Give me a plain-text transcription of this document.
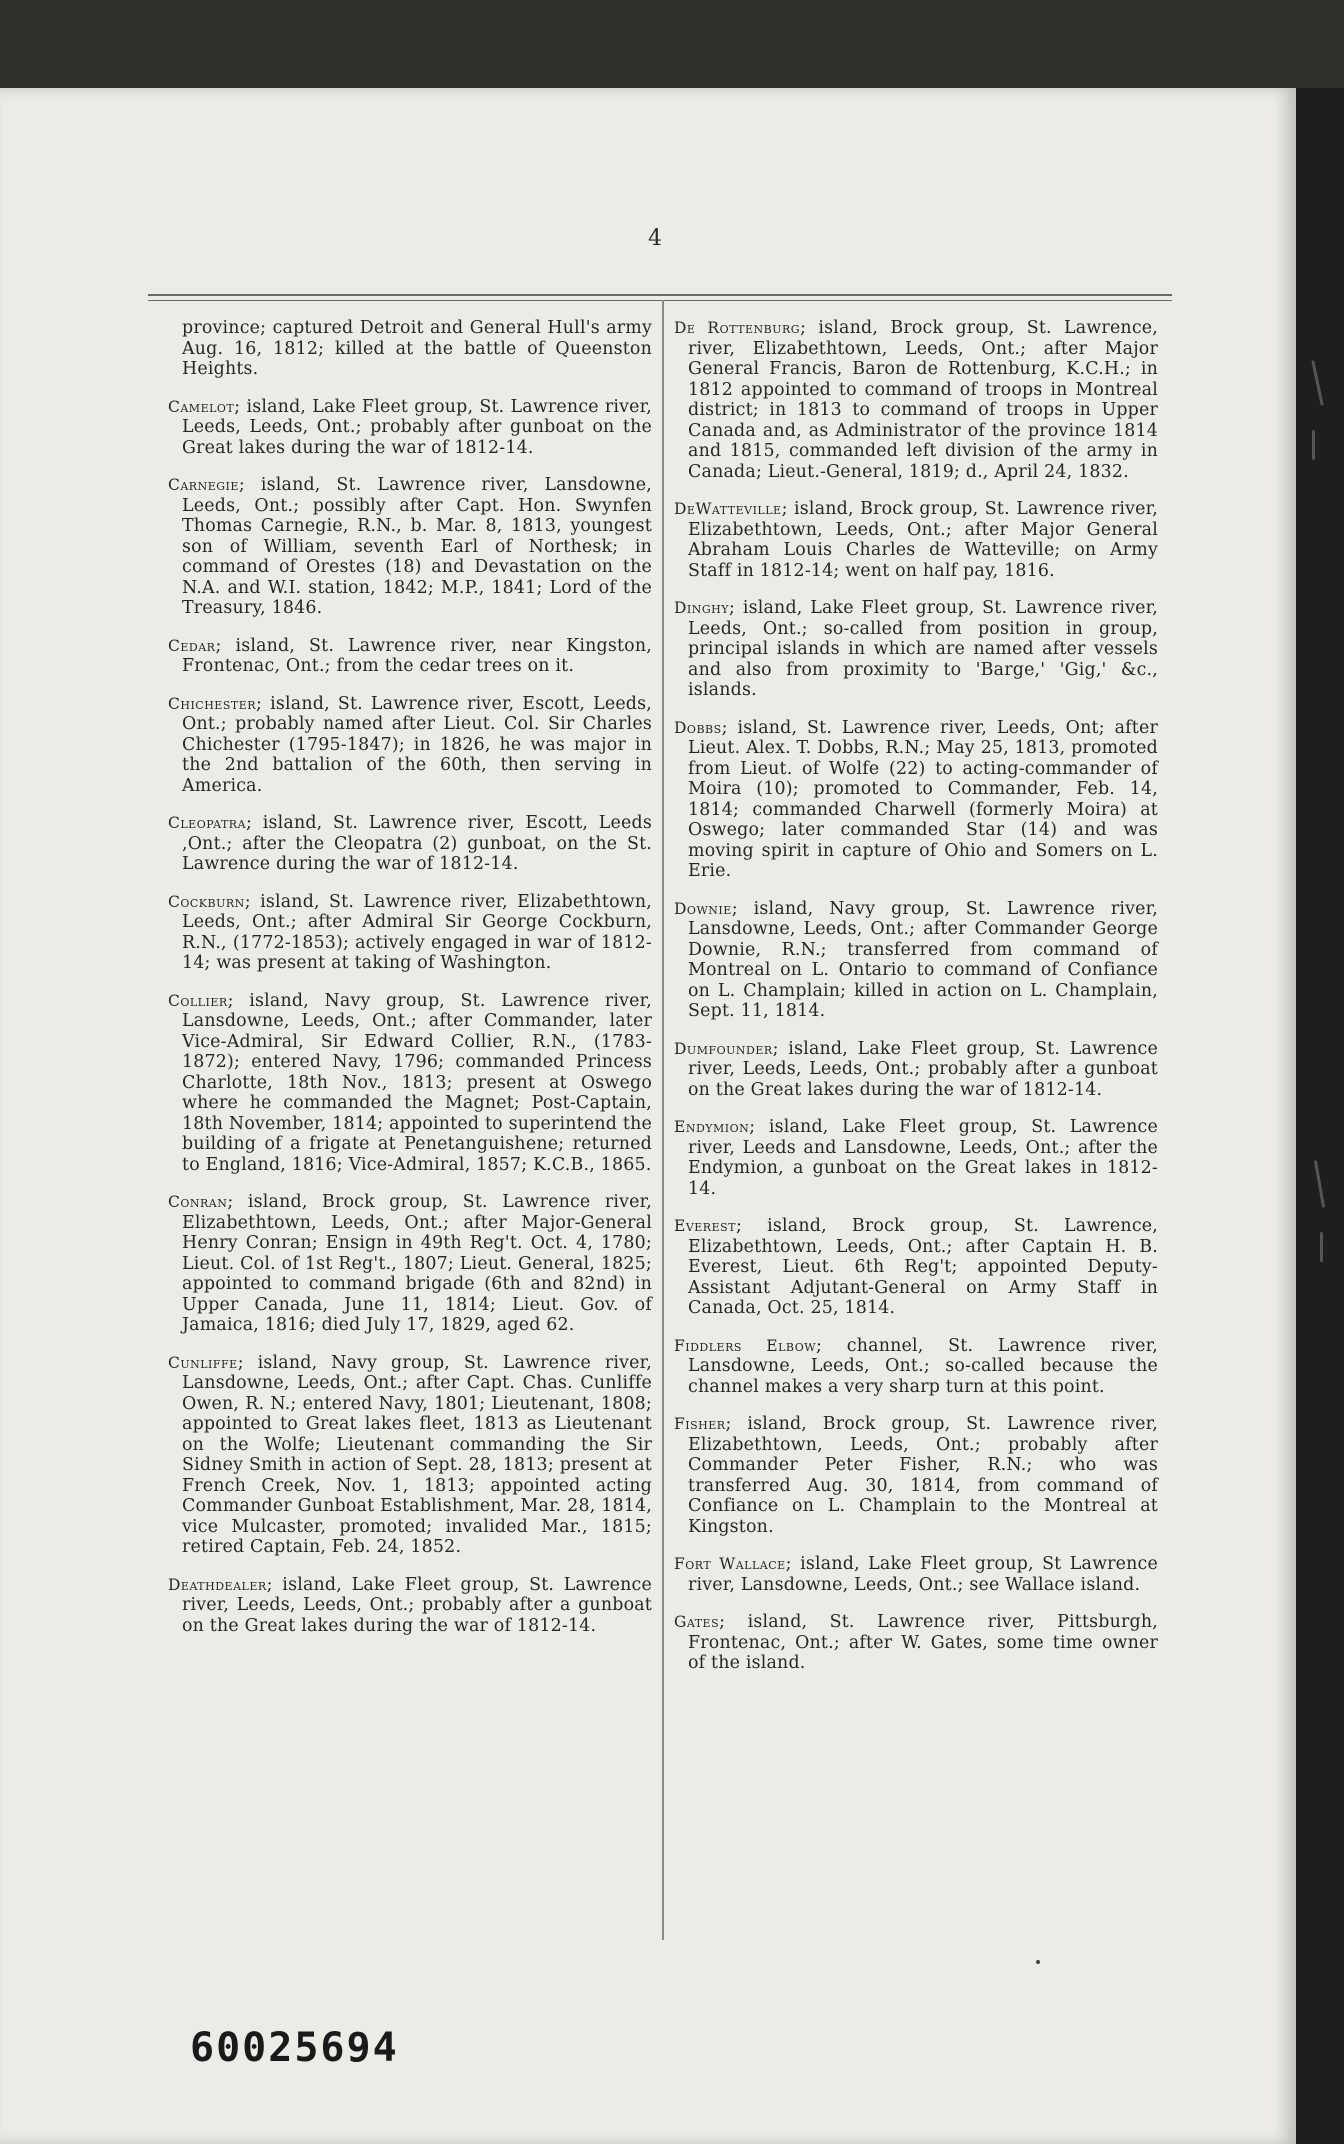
4

province; captured Detroit and General Hull's army Aug. 16, 1812; killed at the battle of Queenston Heights.

Camelot; island, Lake Fleet group, St. Lawrence river, Leeds, Leeds, Ont.; probably after gunboat on the Great lakes during the war of 1812-14.

Carnegie; island, St. Lawrence river, Lansdowne, Leeds, Ont.; possibly after Capt. Hon. Swynfen Thomas Carnegie, R.N., b. Mar. 8, 1813, youngest son of William, seventh Earl of Northesk; in command of Orestes (18) and Devastation on the N.A. and W.I. station, 1842; M.P., 1841; Lord of the Treasury, 1846.

Cedar; island, St. Lawrence river, near Kingston, Frontenac, Ont.; from the cedar trees on it.

Chichester; island, St. Lawrence river, Escott, Leeds, Ont.; probably named after Lieut. Col. Sir Charles Chichester (1795-1847); in 1826, he was major in the 2nd battalion of the 60th, then serving in America.

Cleopatra; island, St. Lawrence river, Escott, Leeds ,Ont.; after the Cleopatra (2) gunboat, on the St. Lawrence during the war of 1812-14.

Cockburn; island, St. Lawrence river, Elizabethtown, Leeds, Ont.; after Admiral Sir George Cockburn, R.N., (1772-1853); actively engaged in war of 1812-14; was present at taking of Washington.

Collier; island, Navy group, St. Lawrence river, Lansdowne, Leeds, Ont.; after Commander, later Vice-Admiral, Sir Edward Collier, R.N., (1783-1872); entered Navy, 1796; commanded Princess Charlotte, 18th Nov., 1813; present at Oswego where he commanded the Magnet; Post-Captain, 18th November, 1814; appointed to superintend the building of a frigate at Penetanguishene; returned to England, 1816; Vice-Admiral, 1857; K.C.B., 1865.

Conran; island, Brock group, St. Lawrence river, Elizabethtown, Leeds, Ont.; after Major-General Henry Conran; Ensign in 49th Reg't. Oct. 4, 1780; Lieut. Col. of 1st Reg't., 1807; Lieut. General, 1825; appointed to command brigade (6th and 82nd) in Upper Canada, June 11, 1814; Lieut. Gov. of Jamaica, 1816; died July 17, 1829, aged 62.

Cunliffe; island, Navy group, St. Lawrence river, Lansdowne, Leeds, Ont.; after Capt. Chas. Cunliffe Owen, R. N.; entered Navy, 1801; Lieutenant, 1808; appointed to Great lakes fleet, 1813 as Lieutenant on the Wolfe; Lieutenant commanding the Sir Sidney Smith in action of Sept. 28, 1813; present at French Creek, Nov. 1, 1813; appointed acting Commander Gunboat Establishment, Mar. 28, 1814, vice Mulcaster, promoted; invalided Mar., 1815; retired Captain, Feb. 24, 1852.

Deathdealer; island, Lake Fleet group, St. Lawrence river, Leeds, Leeds, Ont.; probably after a gunboat on the Great lakes during the war of 1812-14.

De Rottenburg; island, Brock group, St. Lawrence, river, Elizabethtown, Leeds, Ont.; after Major General Francis, Baron de Rottenburg, K.C.H.; in 1812 appointed to command of troops in Montreal district; in 1813 to command of troops in Upper Canada and, as Administrator of the province 1814 and 1815, commanded left division of the army in Canada; Lieut.-General, 1819; d., April 24, 1832.

DeWatteville; island, Brock group, St. Lawrence river, Elizabethtown, Leeds, Ont.; after Major General Abraham Louis Charles de Watteville; on Army Staff in 1812-14; went on half pay, 1816.

Dinghy; island, Lake Fleet group, St. Lawrence river, Leeds, Ont.; so-called from position in group, principal islands in which are named after vessels and also from proximity to 'Barge,' 'Gig,' &c., islands.

Dobbs; island, St. Lawrence river, Leeds, Ont; after Lieut. Alex. T. Dobbs, R.N.; May 25, 1813, promoted from Lieut. of Wolfe (22) to acting-commander of Moira (10); promoted to Commander, Feb. 14, 1814; commanded Charwell (formerly Moira) at Oswego; later commanded Star (14) and was moving spirit in capture of Ohio and Somers on L. Erie.

Downie; island, Navy group, St. Lawrence river, Lansdowne, Leeds, Ont.; after Commander George Downie, R.N.; transferred from command of Montreal on L. Ontario to command of Confiance on L. Champlain; killed in action on L. Champlain, Sept. 11, 1814.

Dumfounder; island, Lake Fleet group, St. Lawrence river, Leeds, Leeds, Ont.; probably after a gunboat on the Great lakes during the war of 1812-14.

Endymion; island, Lake Fleet group, St. Lawrence river, Leeds and Lansdowne, Leeds, Ont.; after the Endymion, a gunboat on the Great lakes in 1812-14.

Everest; island, Brock group, St. Lawrence, Elizabethtown, Leeds, Ont.; after Captain H. B. Everest, Lieut. 6th Reg't; appointed Deputy-Assistant Adjutant-General on Army Staff in Canada, Oct. 25, 1814.

Fiddlers Elbow; channel, St. Lawrence river, Lansdowne, Leeds, Ont.; so-called because the channel makes a very sharp turn at this point.

Fisher; island, Brock group, St. Lawrence river, Elizabethtown, Leeds, Ont.; probably after Commander Peter Fisher, R.N.; who was transferred Aug. 30, 1814, from command of Confiance on L. Champlain to the Montreal at Kingston.

Fort Wallace; island, Lake Fleet group, St Lawrence river, Lansdowne, Leeds, Ont.; see Wallace island.

Gates; island, St. Lawrence river, Pittsburgh, Frontenac, Ont.; after W. Gates, some time owner of the island.

60025694
